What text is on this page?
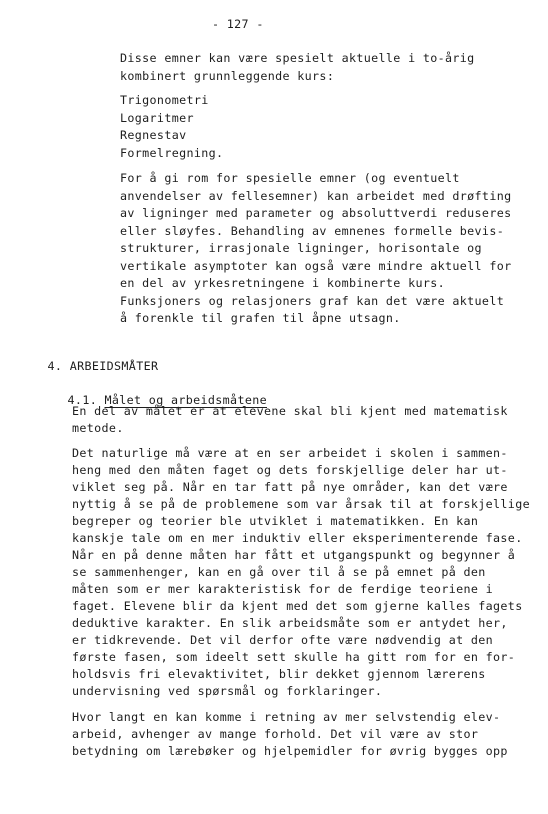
- 127 -
Disse emner kan være spesielt aktuelle i to-årig
kombinert grunnleggende kurs:
Trigonometri
Logaritmer
Regnestav
Formelregning.
For å gi rom for spesielle emner (og eventuelt
anvendelser av fellesemner) kan arbeidet med drøfting
av ligninger med parameter og absoluttverdi reduseres
eller sløyfes. Behandling av emnenes formelle bevis-
strukturer, irrasjonale ligninger, horisontale og
vertikale asymptoter kan også være mindre aktuell for
en del av yrkesretningene i kombinerte kurs.
Funksjoners og relasjoners graf kan det være aktuelt
å forenkle til grafen til åpne utsagn.

4. ARBEIDSMÅTER

4.1. Målet og arbeidsmåtene

En del av målet er at elevene skal bli kjent med matematisk
metode.
Det naturlige må være at en ser arbeidet i skolen i sammen-
heng med den måten faget og dets forskjellige deler har ut-
viklet seg på. Når en tar fatt på nye områder, kan det være
nyttig å se på de problemene som var årsak til at forskjellige
begreper og teorier ble utviklet i matematikken. En kan
kanskje tale om en mer induktiv eller eksperimenterende fase.
Når en på denne måten har fått et utgangspunkt og begynner å
se sammenhenger, kan en gå over til å se på emnet på den
måten som er mer karakteristisk for de ferdige teoriene i
faget. Elevene blir da kjent med det som gjerne kalles fagets
deduktive karakter. En slik arbeidsmåte som er antydet her,
er tidkrevende. Det vil derfor ofte være nødvendig at den
første fasen, som ideelt sett skulle ha gitt rom for en for-
holdsvis fri elevaktivitet, blir dekket gjennom lærerens
undervisning ved spørsmål og forklaringer.
Hvor langt en kan komme i retning av mer selvstendig elev-
arbeid, avhenger av mange forhold. Det vil være av stor
betydning om lærebøker og hjelpemidler for øvrig bygges opp
